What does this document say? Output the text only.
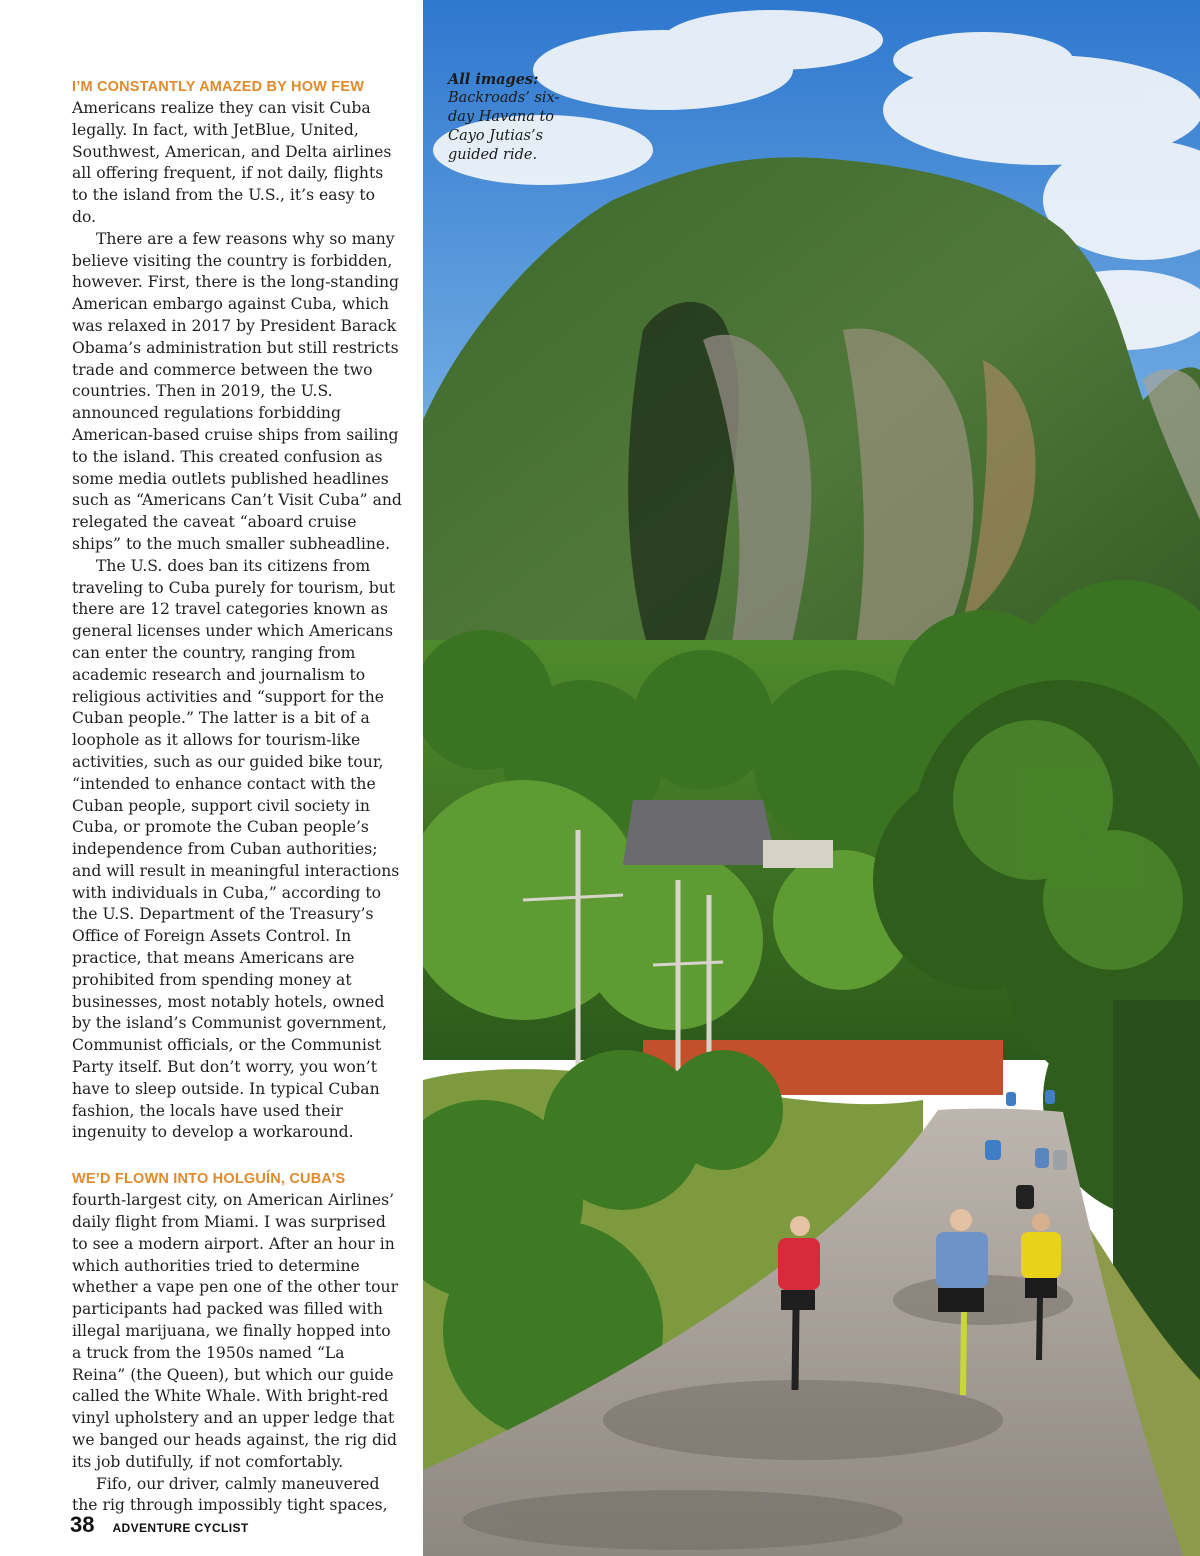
I’M CONSTANTLY AMAZED BY HOW FEW

Americans realize they can visit Cuba legally. In fact, with JetBlue, United, Southwest, American, and Delta airlines all offering frequent, if not daily, flights to the island from the U.S., it’s easy to do.

There are a few reasons why so many believe visiting the country is forbidden, however. First, there is the long-standing American embargo against Cuba, which was relaxed in 2017 by President Barack Obama’s administration but still restricts trade and commerce between the two countries. Then in 2019, the U.S. announced regulations forbidding American-based cruise ships from sailing to the island. This created confusion as some media outlets published headlines such as “Americans Can’t Visit Cuba” and relegated the caveat “aboard cruise ships” to the much smaller subheadline.

The U.S. does ban its citizens from traveling to Cuba purely for tourism, but there are 12 travel categories known as general licenses under which Americans can enter the country, ranging from academic research and journalism to religious activities and “support for the Cuban people.” The latter is a bit of a loophole as it allows for tourism-like activities, such as our guided bike tour, “intended to enhance contact with the Cuban people, support civil society in Cuba, or promote the Cuban people’s independence from Cuban authorities; and will result in meaningful interactions with individuals in Cuba,” according to the U.S. Department of the Treasury’s Office of Foreign Assets Control. In practice, that means Americans are prohibited from spending money at businesses, most notably hotels, owned by the island’s Communist government, Communist officials, or the Communist Party itself. But don’t worry, you won’t have to sleep outside. In typical Cuban fashion, the locals have used their ingenuity to develop a workaround.

WE’D FLOWN INTO HOLGUÍN, CUBA’S

fourth-largest city, on American Airlines’ daily flight from Miami. I was surprised to see a modern airport. After an hour in which authorities tried to determine whether a vape pen one of the other tour participants had packed was filled with illegal marijuana, we finally hopped into a truck from the 1950s named “La Reina” (the Queen), but which our guide called the White Whale. With bright-red vinyl upholstery and an upper ledge that we banged our heads against, the rig did its job dutifully, if not comfortably.

Fifo, our driver, calmly maneuvered the rig through impossibly tight spaces,

38 ADVENTURE CYCLIST
All images:
Backroads’ six-day Havana to Cayo Jutias’s guided ride.
